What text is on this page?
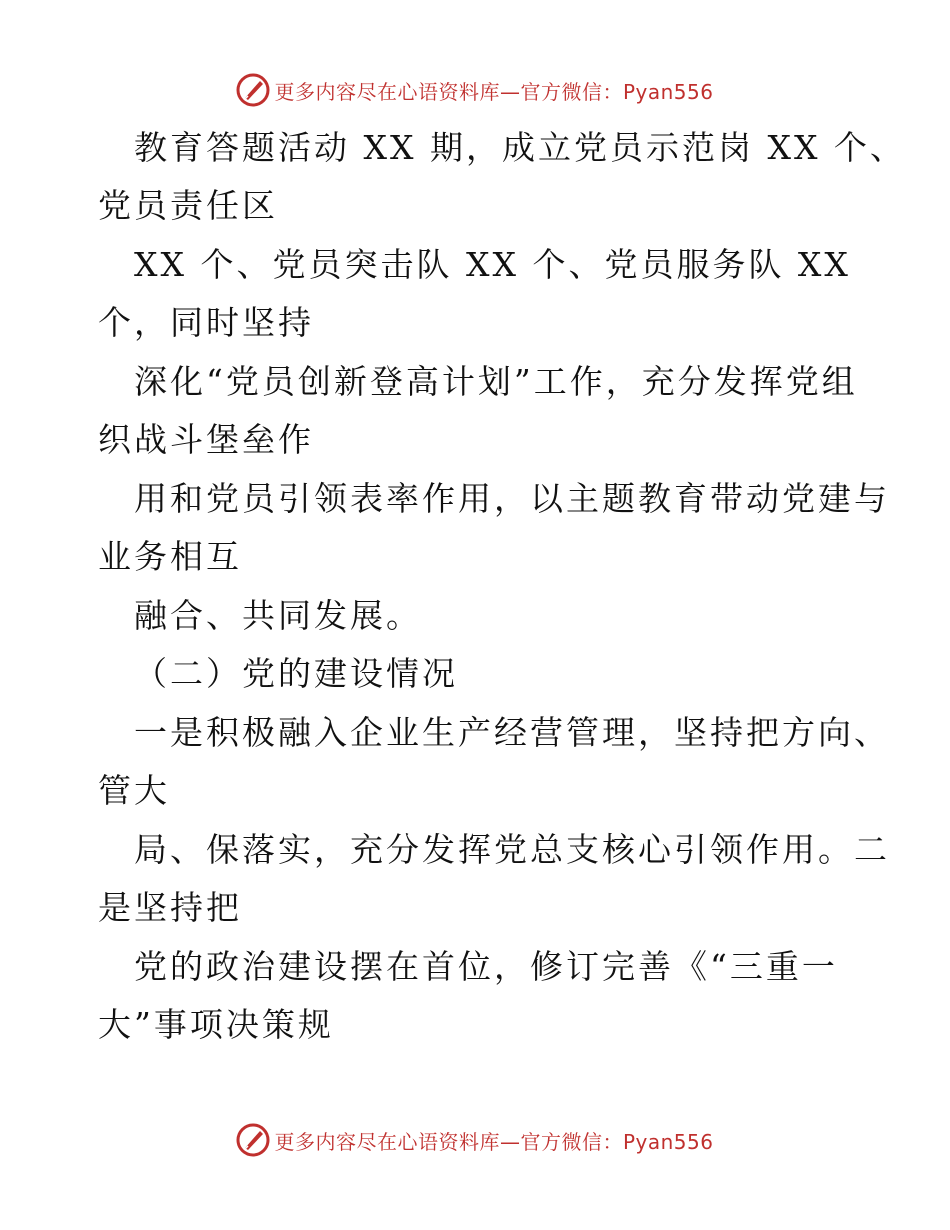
更多内容尽在心语资料库—官方微信：Pyan556
教育答题活动 XX 期，成立党员示范岗 XX 个、
党员责任区
XX 个、党员突击队 XX 个、党员服务队 XX
个，同时坚持
深化“党员创新登高计划”工作，充分发挥党组
织战斗堡垒作
用和党员引领表率作用，以主题教育带动党建与
业务相互
融合、共同发展。
（二）党的建设情况
一是积极融入企业生产经营管理，坚持把方向、
管大
局、保落实，充分发挥党总支核心引领作用。二
是坚持把
党的政治建设摆在首位，修订完善《“三重一
大”事项决策规
更多内容尽在心语资料库—官方微信：Pyan556
